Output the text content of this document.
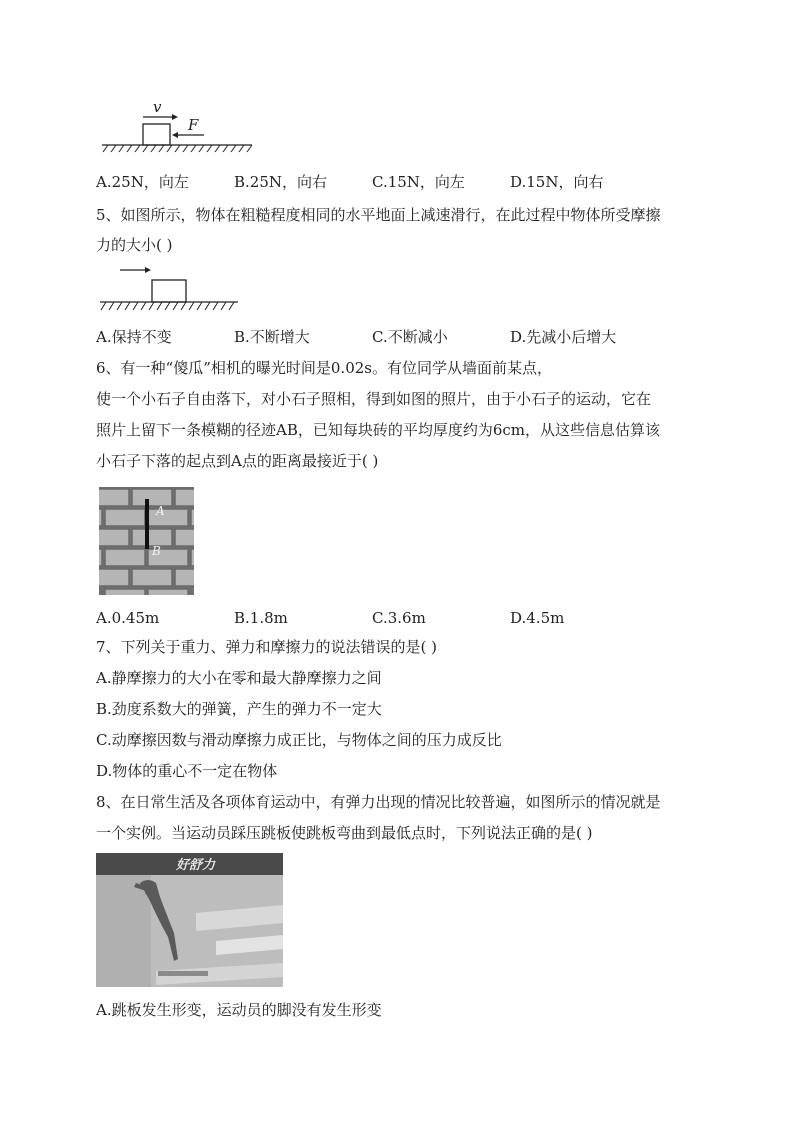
v
F
A.25N，向左	B.25N，向右	C.15N，向左	D.15N，向右
5、如图所示，物体在粗糙程度相同的水平地面上减速滑行，在此过程中物体所受摩擦
力的大小( )
A.保持不变	B.不断增大	C.不断减小	D.先减小后增大
6、有一种“傻瓜”相机的曝光时间是0.02s。有位同学从墙面前某点，
使一个小石子自由落下，对小石子照相，得到如图的照片，由于小石子的运动，它在
照片上留下一条模糊的径迹AB，已知每块砖的平均厚度约为6cm，从这些信息估算该
小石子下落的起点到A点的距离最接近于( )
A
B
A.0.45m	B.1.8m	C.3.6m	D.4.5m
7、下列关于重力、弹力和摩擦力的说法错误的是( )
A.静摩擦力的大小在零和最大静摩擦力之间
B.劲度系数大的弹簧，产生的弹力不一定大
C.动摩擦因数与滑动摩擦力成正比，与物体之间的压力成反比
D.物体的重心不一定在物体
8、在日常生活及各项体育运动中，有弹力出现的情况比较普遍，如图所示的情况就是
一个实例。当运动员踩压跳板使跳板弯曲到最低点时，下列说法正确的是( )
好舒力
A.跳板发生形变，运动员的脚没有发生形变
